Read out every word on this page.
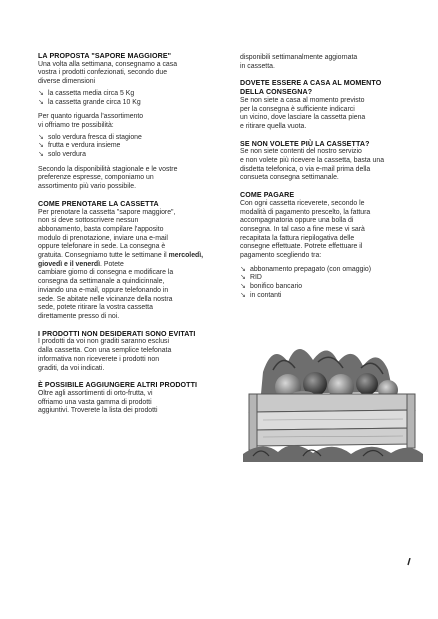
LA PROPOSTA "SAPORE MAGGIORE"

Una volta alla settimana, consegnamo a casa
vostra i prodotti confezionati, secondo due
diverse dimensioni

↘ la cassetta media circa 5 Kg
↘ la cassetta grande circa 10 Kg

Per quanto riguarda l'assortimento
vi offriamo tre possibilità:

↘ solo verdura fresca di stagione
↘ frutta e verdura insieme
↘ solo verdura

Secondo la disponibilità stagionale e le vostre
preferenze espresse, componiamo un
assortimento più vario possibile.

COME PRENOTARE LA CASSETTA

Per prenotare la cassetta "sapore maggiore",
non si deve sottoscrivere nessun
abbonamento, basta compilare l'apposito
modulo di prenotazione, inviare una e-mail
oppure telefonare in sede. La consegna è
gratuita. Consegniamo tutte le settimane il mercoledì, giovedì e il venerdì. Potete
cambiare giorno di consegna e modificare la
consegna da settimanale a quindicinnale,
inviando una e-mail, oppure telefonando in
sede. Se abitate nelle vicinanze della nostra
sede, potete ritirare la vostra cassetta
direttamente presso di noi.

I PRODOTTI NON DESIDERATI SONO EVITATI

I prodotti da voi non graditi saranno esclusi
dalla cassetta. Con una semplice telefonata
informativa non riceverete i prodotti non
graditi, da voi indicati.

È POSSIBILE AGGIUNGERE ALTRI PRODOTTI

Oltre agli assortimenti di orto-frutta, vi
offriamo una vasta gamma di prodotti
aggiuntivi. Troverete la lista dei prodotti

disponibili settimanalmente aggiornata
in cassetta.

DOVETE ESSERE A CASA AL MOMENTO
DELLA CONSEGNA?

Se non siete a casa al momento previsto
per la consegna è sufficiente indicarci
un vicino, dove lasciare la cassetta piena
e ritirare quella vuota.

SE NON VOLETE PIÙ LA CASSETTA?

Se non siete contenti del nostro servizio
e non volete più ricevere la cassetta, basta una
disdetta telefonica, o via e-mail prima della
consueta consegna settimanale.

COME PAGARE

Con ogni cassetta riceverete, secondo le
modalità di pagamento prescelto, la fattura
accompagnatoria oppure una bolla di
consegna. In tal caso a fine mese vi sarà
recapitata la fattura riepilogativa delle
consegne effettuate. Potrete effettuare il
pagamento scegliendo tra:

↘ abbonamento prepagato (con omaggio)
↘ RID
↘ bonifico bancario
↘ in contanti
